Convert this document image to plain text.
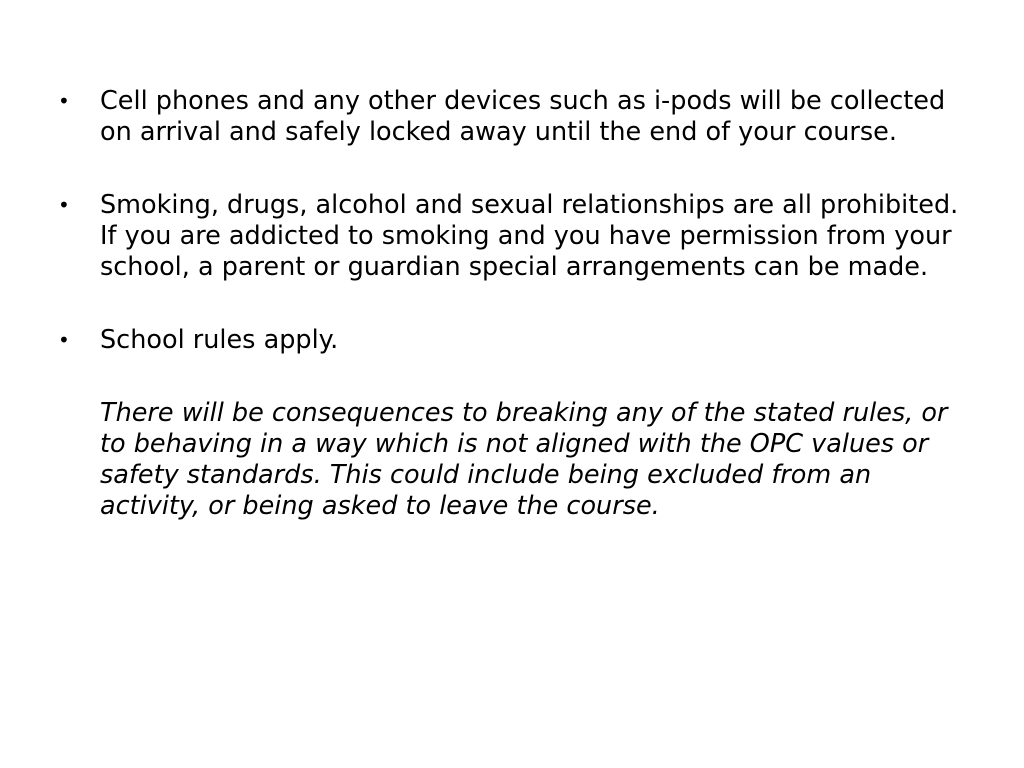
•	Cell phones and any other devices such as i-pods will be collected on arrival and safely locked away until the end of your course.
•	Smoking, drugs, alcohol and sexual relationships are all prohibited. If you are addicted to smoking and you have permission from your school, a parent or guardian special arrangements can be made.
•	School rules apply.

There will be consequences to breaking any of the stated rules, or to behaving in a way which is not aligned with the OPC values or safety standards. This could include being excluded from an activity, or being asked to leave the course.
